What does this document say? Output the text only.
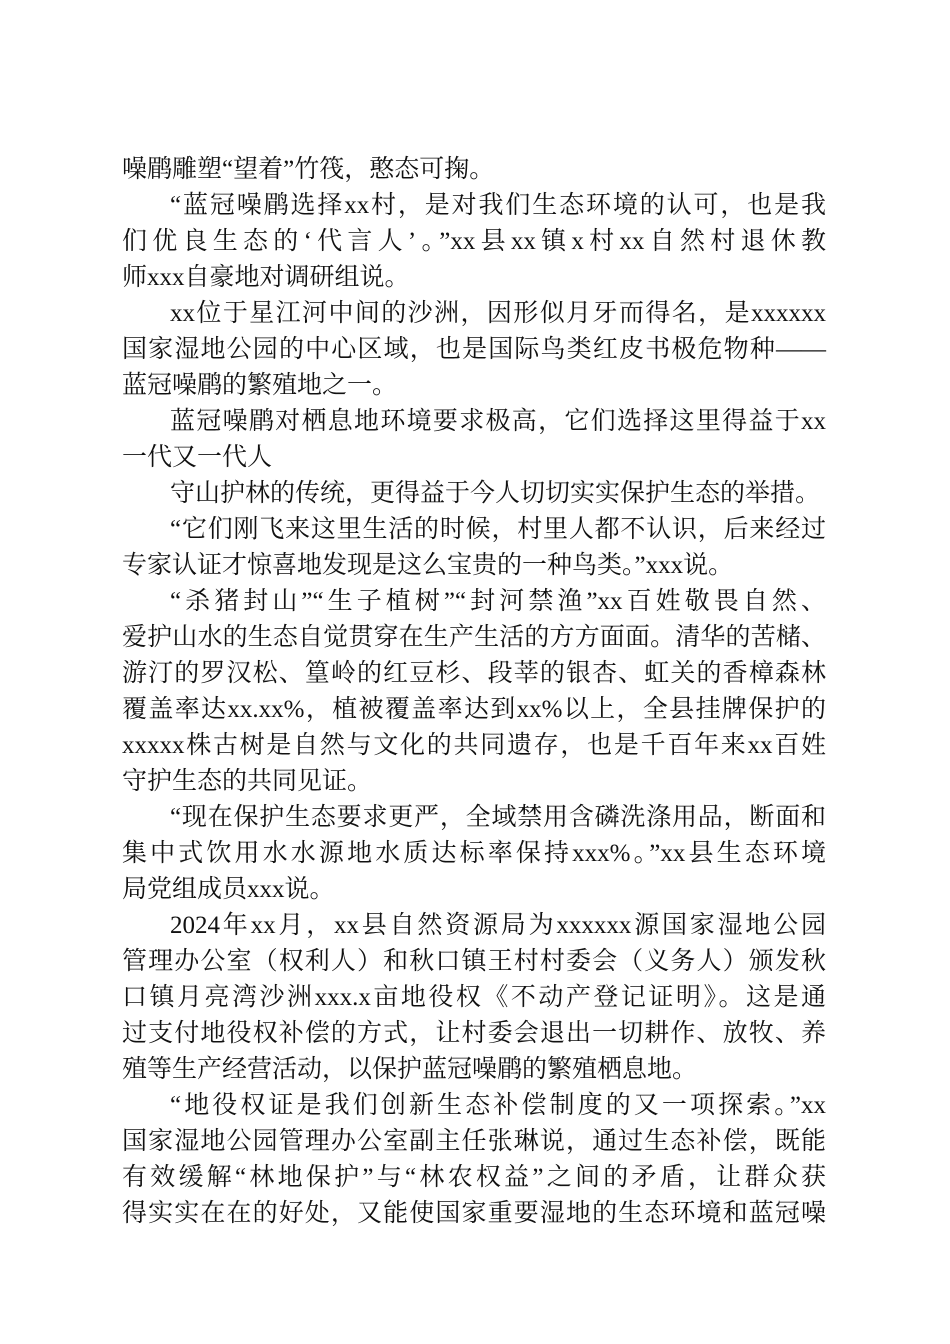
噪鹛雕塑“望着”竹筏，憨态可掬。
“蓝冠噪鹛选择xx村，是对我们生态环境的认可，也是我
们优良生态的‘代言人’。”xx县xx镇x村xx自然村退休教
师xxx自豪地对调研组说。
xx位于星江河中间的沙洲，因形似月牙而得名，是xxxxxx
国家湿地公园的中心区域，也是国际鸟类红皮书极危物种——
蓝冠噪鹛的繁殖地之一。
蓝冠噪鹛对栖息地环境要求极高，它们选择这里得益于xx
一代又一代人
守山护林的传统，更得益于今人切切实实保护生态的举措。
“它们刚飞来这里生活的时候，村里人都不认识，后来经过
专家认证才惊喜地发现是这么宝贵的一种鸟类。”xxx说。
“杀猪封山”“生子植树”“封河禁渔”xx百姓敬畏自然、
爱护山水的生态自觉贯穿在生产生活的方方面面。清华的苦槠、
游汀的罗汉松、篁岭的红豆杉、段莘的银杏、虹关的香樟森林
覆盖率达xx.xx%，植被覆盖率达到xx%以上，全县挂牌保护的
xxxxx株古树是自然与文化的共同遗存，也是千百年来xx百姓
守护生态的共同见证。
“现在保护生态要求更严，全域禁用含磷洗涤用品，断面和
集中式饮用水水源地水质达标率保持xxx%。”xx县生态环境
局党组成员xxx说。
2024年xx月，xx县自然资源局为xxxxxx源国家湿地公园
管理办公室（权利人）和秋口镇王村村委会（义务人）颁发秋
口镇月亮湾沙洲xxx.x亩地役权《不动产登记证明》。这是通
过支付地役权补偿的方式，让村委会退出一切耕作、放牧、养
殖等生产经营活动，以保护蓝冠噪鹛的繁殖栖息地。
“地役权证是我们创新生态补偿制度的又一项探索。”xx
国家湿地公园管理办公室副主任张琳说，通过生态补偿，既能
有效缓解“林地保护”与“林农权益”之间的矛盾，让群众获
得实实在在的好处，又能使国家重要湿地的生态环境和蓝冠噪
